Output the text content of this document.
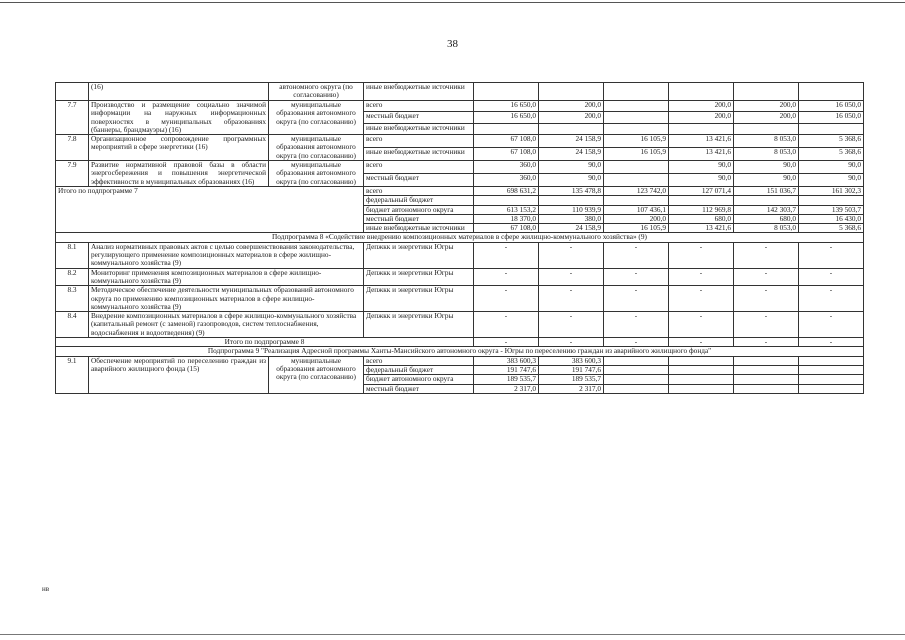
38
	(16)	автономного округа (по согласованию)	иные внебюджетные источники						
7.7	Производство и размещение социально значимой информации на наружных информационных поверхностях в муниципальных образованиях (баннеры, брандмауэры) (16)	муниципальные образования автономного округа (по согласованию)	всего	16 650,0	200,0		200,0	200,0	16 050,0
			местный бюджет	16 650,0	200,0		200,0	200,0	16 050,0
			иные внебюджетные источники						
7.8	Организационное сопровождение программных мероприятий в сфере энергетики (16)	муниципальные образования автономного округа (по согласованию)	всего	67 108,0	24 158,9	16 105,9	13 421,6	8 053,0	5 368,6
			иные внебюджетные источники	67 108,0	24 158,9	16 105,9	13 421,6	8 053,0	5 368,6
7.9	Развитие нормативной правовой базы в области энергосбережения и повышения энергетической эффективности в муниципальных образованиях (16)	муниципальные образования автономного округа (по согласованию)	всего	360,0	90,0		90,0	90,0	90,0
			местный бюджет	360,0	90,0		90,0	90,0	90,0
Итого по подпрограмме 7			всего	698 631,2	135 478,8	123 742,0	127 071,4	151 036,7	161 302,3
			федеральный бюджет						
			бюджет автономного округа	613 153,2	110 939,9	107 436,1	112 969,8	142 303,7	139 503,7
			местный бюджет	18 370,0	380,0	200,0	680,0	680,0	16 430,0
			иные внебюджетные источники	67 108,0	24 158,9	16 105,9	13 421,6	8 053,0	5 368,6
Подпрограмма 8 «Содействие внедрению композиционных материалов в сфере жилищно-коммунального хозяйства» (9)									
8.1	Анализ нормативных правовых актов с целью совершенствования законодательства, регулирующего применение композиционных материалов в сфере жилищно-коммунального хозяйства (9)		Депжкк и энергетики Югры	-	-	-	-	-	-
8.2	Мониторинг применения композиционных материалов в сфере жилищно-коммунального хозяйства (9)		Депжкк и энергетики Югры	-	-	-	-	-	-
8.3	Методическое обеспечение деятельности муниципальных образований автономного округа по применению композиционных материалов в сфере жилищно-коммунального хозяйства (9)		Депжкк и энергетики Югры	-	-	-	-	-	-
8.4	Внедрение композиционных материалов в сфере жилищно-коммунального хозяйства (капитальный ремонт (с заменой) газопроводов, систем теплоснабжения, водоснабжения и водоотведения) (9)		Депжкк и энергетики Югры	-	-	-	-	-	-
Итого по подпрограмме 8				-	-	-	-	-	-
Подпрограмма 9 "Реализация Адресной программы Ханты-Мансийского автономного округа - Югры по переселению граждан из аварийного жилищного фонда"									
9.1	Обеспечение мероприятий по переселению граждан из аварийного жилищного фонда (15)	муниципальные образования автономного округа (по согласованию)	всего	383 600,3	383 600,3				
			федеральный бюджет	191 747,6	191 747,6				
			бюджет автономного округа	189 535,7	189 535,7				
			местный бюджет	2 317,0	2 317,0				
нв
